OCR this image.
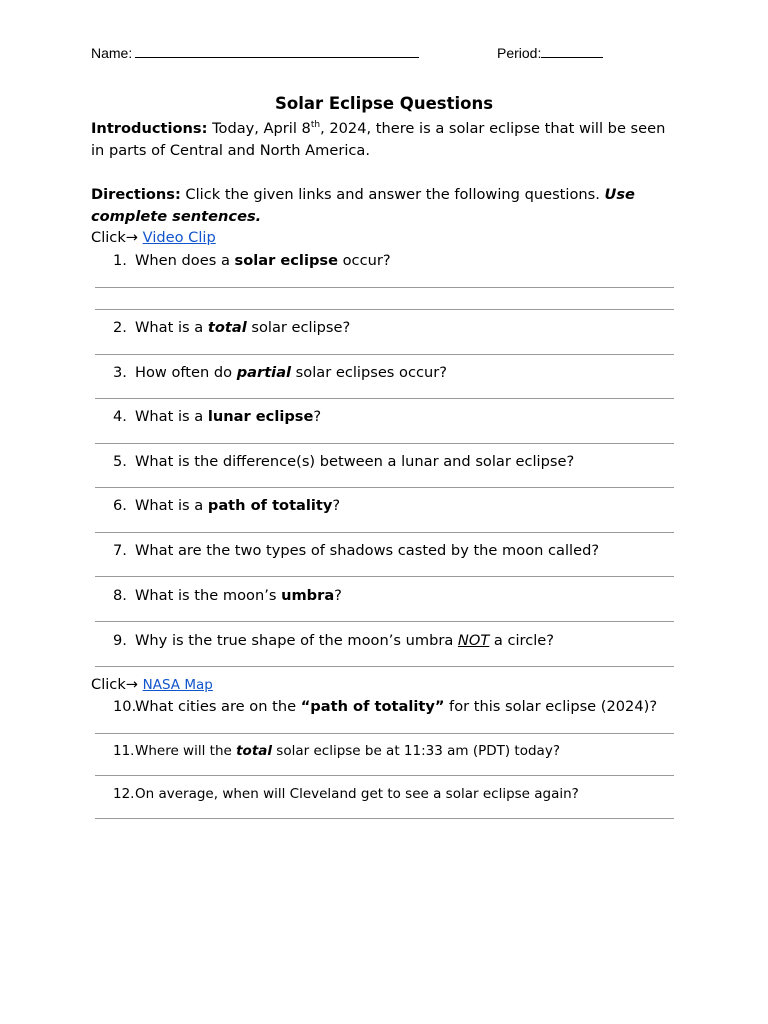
Name:	Period:
Solar Eclipse Questions
Introductions: Today, April 8th, 2024, there is a solar eclipse that will be seen in parts of Central and North America.
Directions: Click the given links and answer the following questions. Use complete sentences.
Click→ Video Clip
1. When does a solar eclipse occur?
2. What is a total solar eclipse?
3. How often do partial solar eclipses occur?
4. What is a lunar eclipse?
5. What is the difference(s) between a lunar and solar eclipse?
6. What is a path of totality?
7. What are the two types of shadows casted by the moon called?
8. What is the moon’s umbra?
9. Why is the true shape of the moon’s umbra NOT a circle?
Click→ NASA Map
10.What cities are on the “path of totality” for this solar eclipse (2024)?
11.Where will the total solar eclipse be at 11:33 am (PDT) today?
12.On average, when will Cleveland get to see a solar eclipse again?
